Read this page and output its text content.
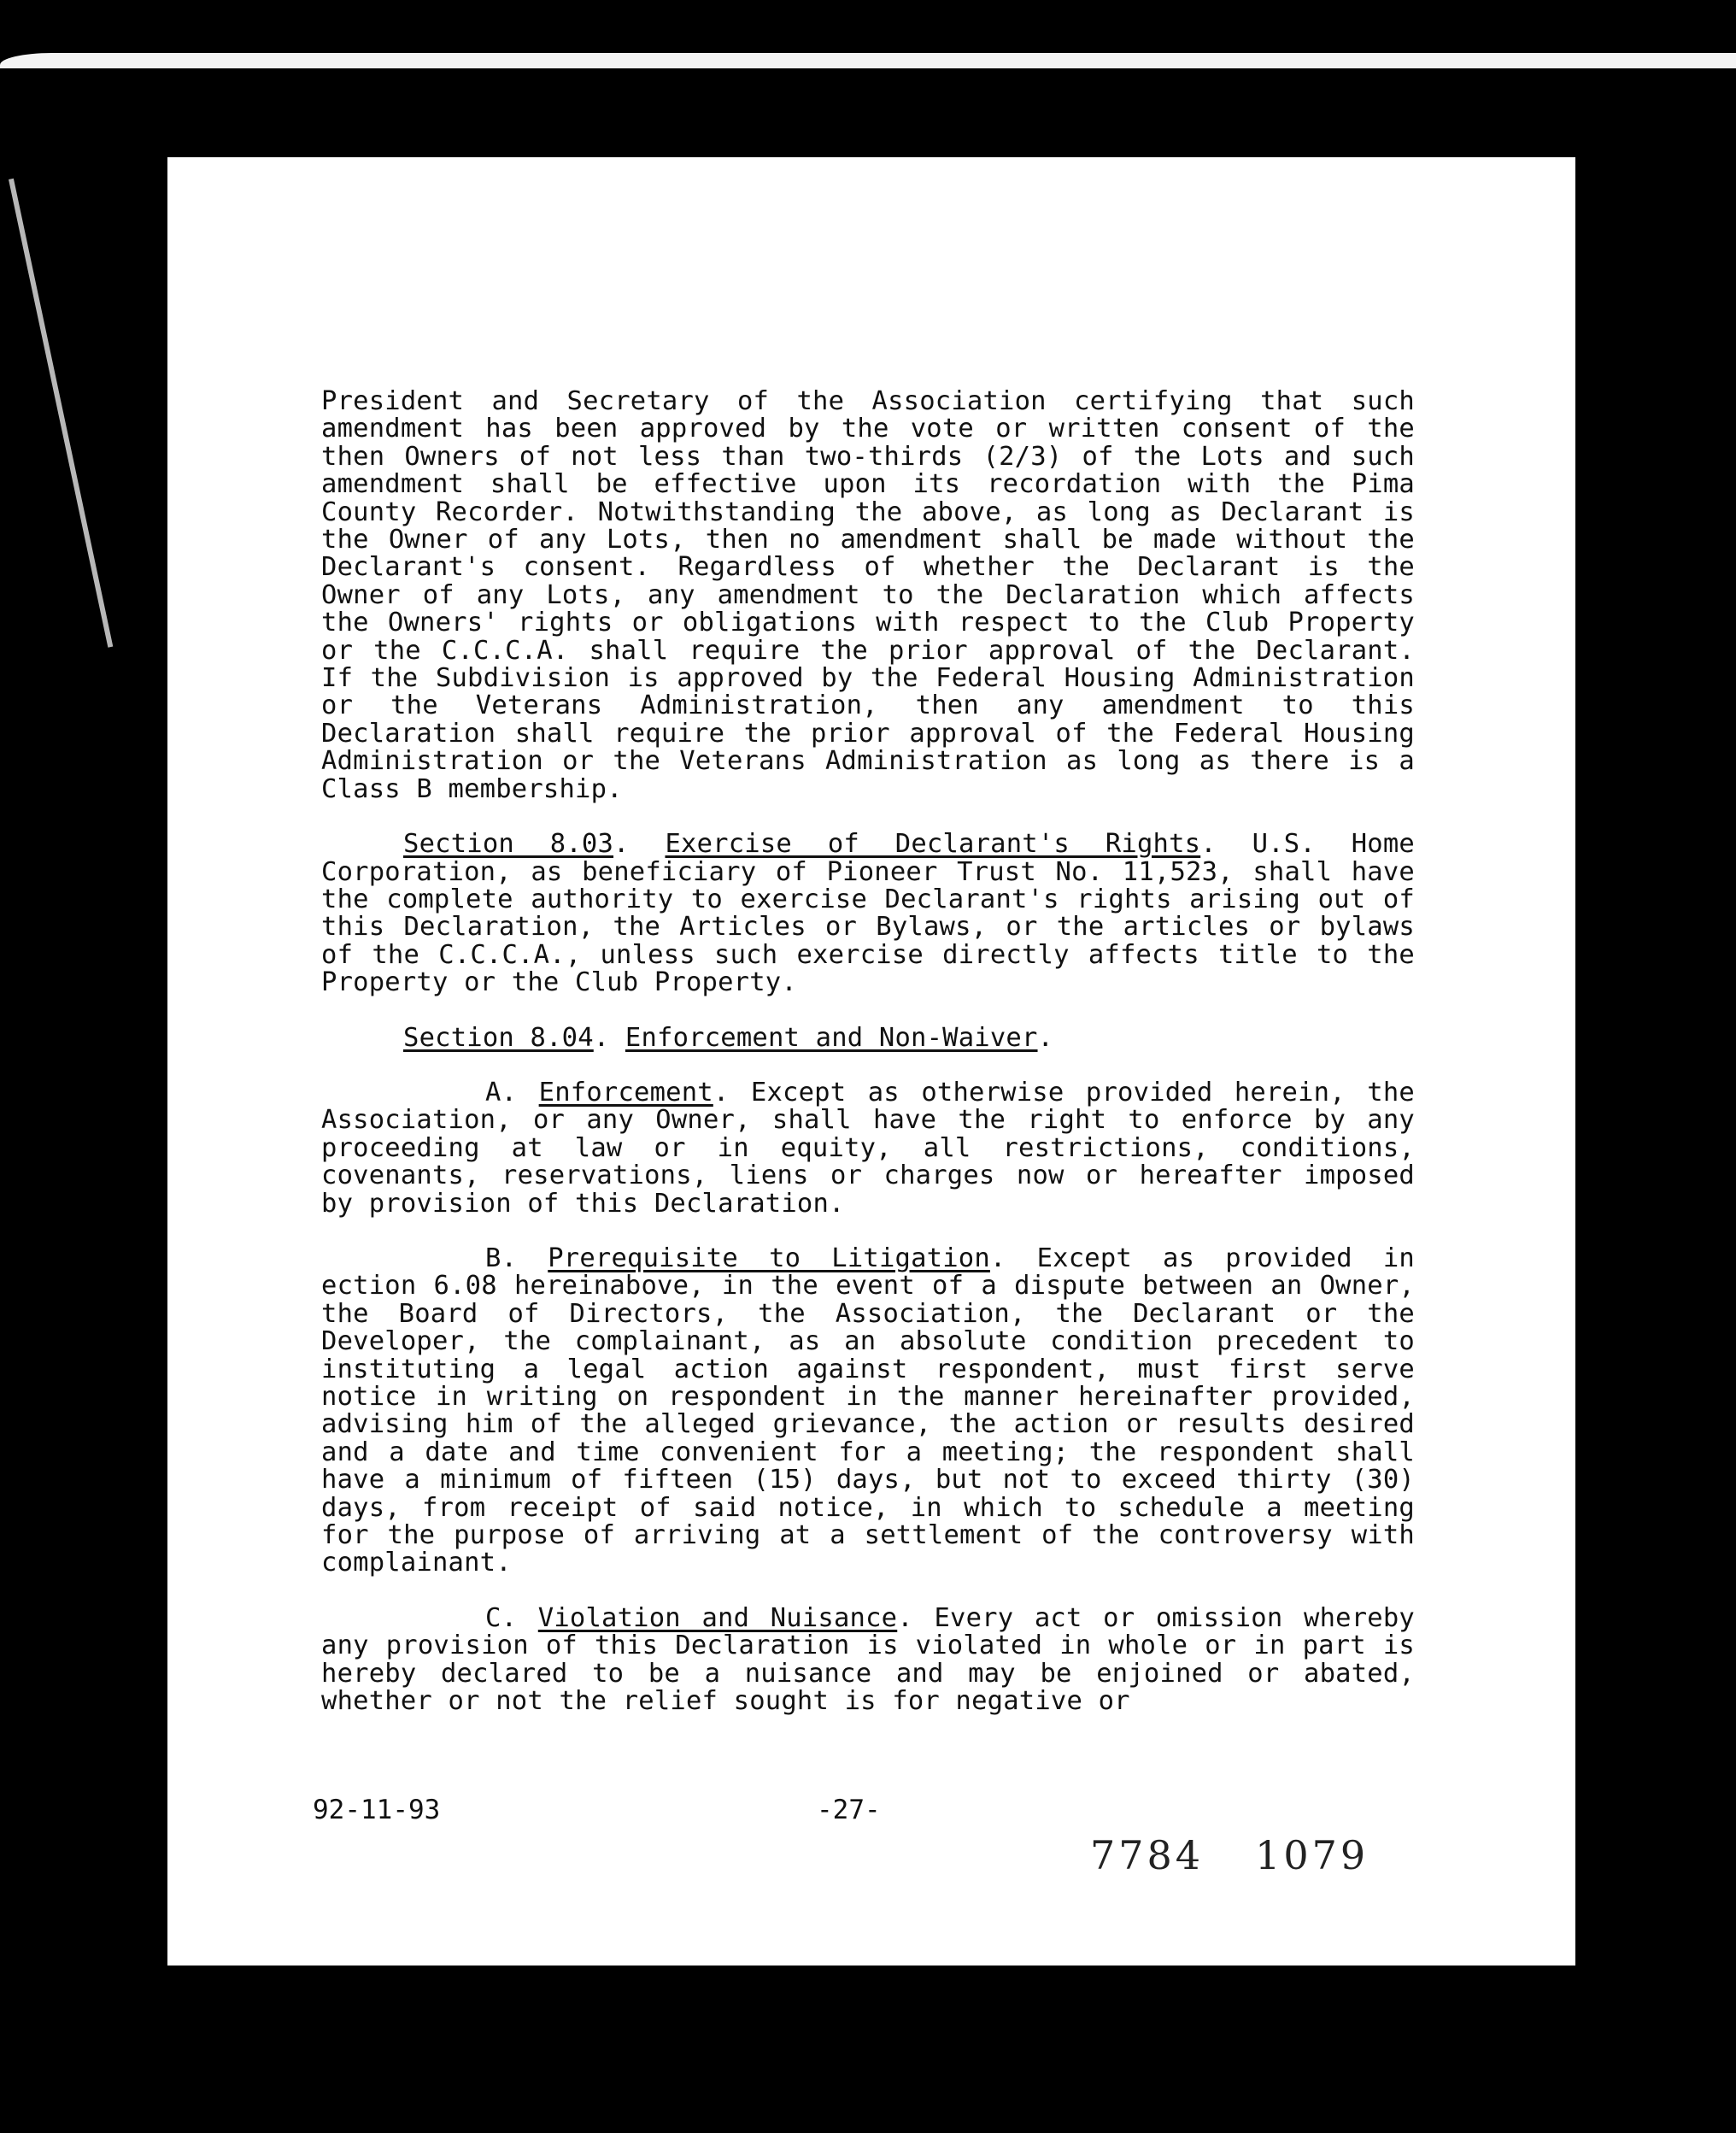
President and Secretary of the Association certifying that such amendment has been approved by the vote or written consent of the then Owners of not less than two-thirds (2/3) of the Lots and such amendment shall be effective upon its recordation with the Pima County Recorder. Notwithstanding the above, as long as Declarant is the Owner of any Lots, then no amendment shall be made without the Declarant's consent. Regardless of whether the Declarant is the Owner of any Lots, any amendment to the Declaration which affects the Owners' rights or obligations with respect to the Club Property or the C.C.C.A. shall require the prior approval of the Declarant. If the Subdivision is approved by the Federal Housing Administration or the Veterans Administration, then any amendment to this Declaration shall require the prior approval of the Federal Housing Administration or the Veterans Administration as long as there is a Class B membership.

Section 8.03. Exercise of Declarant's Rights. U.S. Home Corporation, as beneficiary of Pioneer Trust No. 11,523, shall have the complete authority to exercise Declarant's rights arising out of this Declaration, the Articles or Bylaws, or the articles or bylaws of the C.C.C.A., unless such exercise directly affects title to the Property or the Club Property.

Section 8.04. Enforcement and Non-Waiver.

A. Enforcement. Except as otherwise provided herein, the Association, or any Owner, shall have the right to enforce by any proceeding at law or in equity, all restrictions, conditions, covenants, reservations, liens or charges now or hereafter imposed by provision of this Declaration.

B. Prerequisite to Litigation. Except as provided in ection 6.08 hereinabove, in the event of a dispute between an Owner, the Board of Directors, the Association, the Declarant or the Developer, the complainant, as an absolute condition precedent to instituting a legal action against respondent, must first serve notice in writing on respondent in the manner hereinafter provided, advising him of the alleged grievance, the action or results desired and a date and time convenient for a meeting; the respondent shall have a minimum of fifteen (15) days, but not to exceed thirty (30) days, from receipt of said notice, in which to schedule a meeting for the purpose of arriving at a settlement of the controversy with complainant.

C. Violation and Nuisance. Every act or omission whereby any provision of this Declaration is violated in whole or in part is hereby declared to be a nuisance and may be enjoined or abated, whether or not the relief sought is for negative or

92-11-93	-27-
7784 1079
